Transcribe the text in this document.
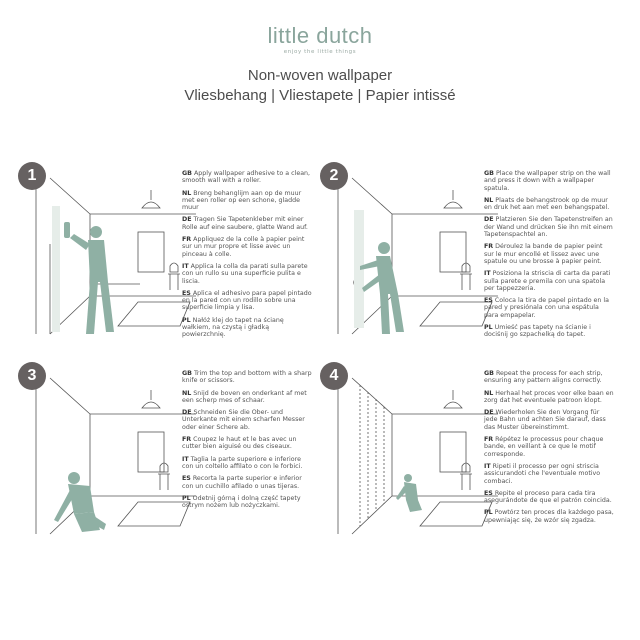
little dutch
enjoy the little things
Non-woven wallpaper
Vliesbehang | Vliestapete | Papier intissé
1	GB Apply wallpaper adhesive to a clean, smooth wall with a roller.

NL Breng behanglijm aan op de muur met een roller op een schone, gladde muur

DE Tragen Sie Tapetenkleber mit einer Rolle auf eine saubere, glatte Wand auf.

FR Appliquez de la colle à papier peint sur un mur propre et lisse avec un pinceau à colle.

IT Applica la colla da parati sulla parete con un rullo su una superficie pulita e liscia.

ES Aplica el adhesivo para papel pintado en la pared con un rodillo sobre una superficie limpia y lisa.

PL Nałóż klej do tapet na ścianę wałkiem, na czystą i gładką powierzchnię.

2	GB Place the wallpaper strip on the wall and press it down with a wallpaper spatula.

NL Plaats de behangstrook op de muur en druk het aan met een behangspatel.

DE Platzieren Sie den Tapetenstreifen an der Wand und drücken Sie ihn mit einem Tapetenspachtel an.

FR Déroulez la bande de papier peint sur le mur encollé et lissez avec une spatule ou une brosse à papier peint.

IT Posiziona la striscia di carta da parati sulla parete e premila con una spatola per tappezzeria.

ES Coloca la tira de papel pintado en la pared y presiónala con una espátula para empapelar.

PL Umieść pas tapety na ścianie i dociśnij go szpachelką do tapet.

3	GB Trim the top and bottom with a sharp knife or scissors.

NL Snijd de boven en onderkant af met een scherp mes of schaar.

DE Schneiden Sie die Ober- und Unterkante mit einem scharfen Messer oder einer Schere ab.

FR Coupez le haut et le bas avec un cutter bien aiguisé ou des ciseaux.

IT Taglia la parte superiore e inferiore con un coltello affilato o con le forbici.

ES Recorta la parte superior e inferior con un cuchillo afilado o unas tijeras.

PL Odetnij górną i dolną część tapety ostrym nożem lub nożyczkami.

4	GB Repeat the process for each strip, ensuring any pattern aligns correctly.

NL Herhaal het proces voor elke baan en zorg dat het eventuele patroon klopt.

DE Wiederholen Sie den Vorgang für jede Bahn und achten Sie darauf, dass das Muster übereinstimmt.

FR Répétez le processus pour chaque bande, en veillant à ce que le motif corresponde.

IT Ripeti il processo per ogni striscia assicurandoti che l'eventuale motivo combaci.

ES Repite el proceso para cada tira asegurándote de que el patrón coincida.

PL Powtórz ten proces dla każdego pasa, upewniając się, że wzór się zgadza.
